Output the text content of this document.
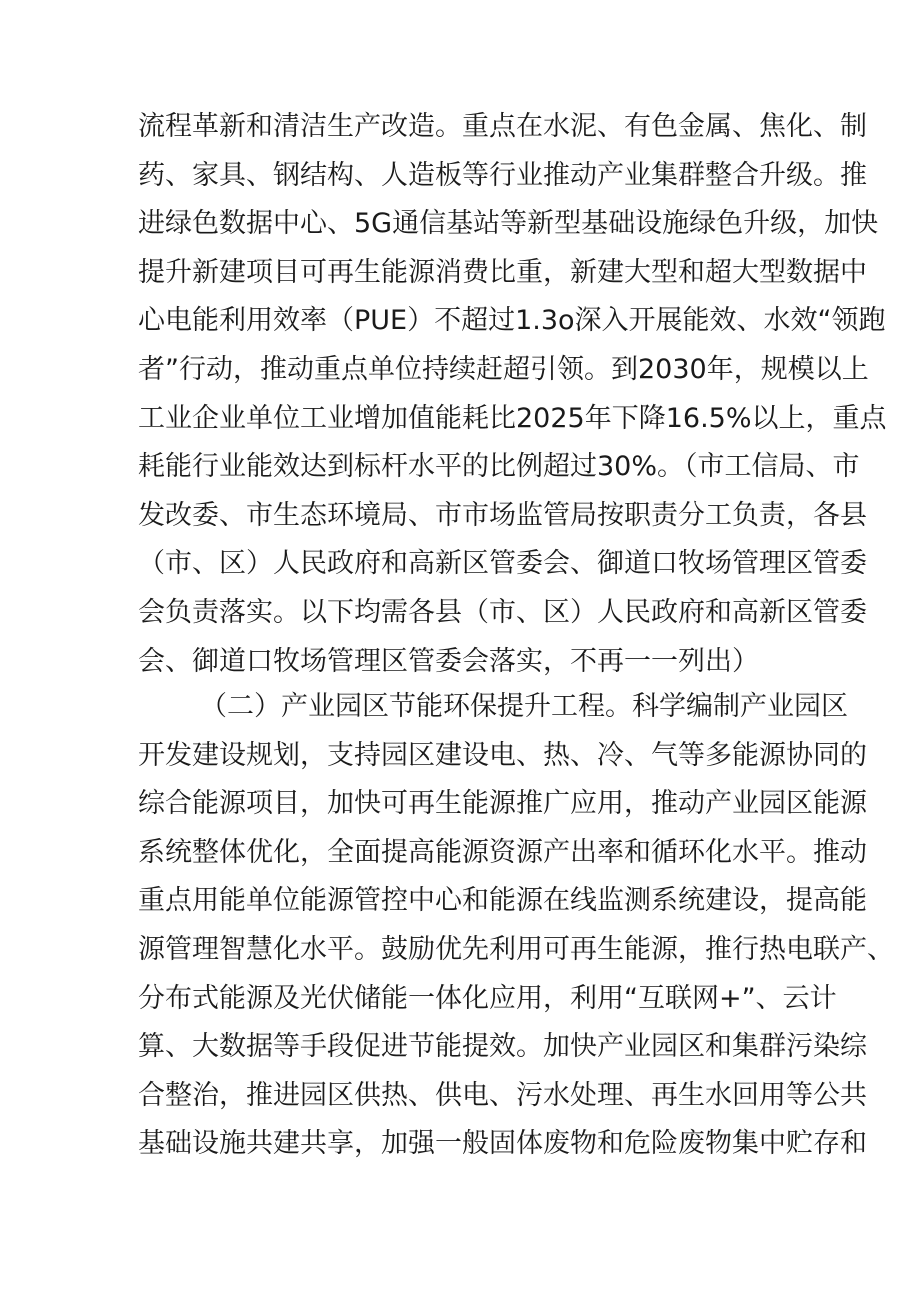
流程革新和清洁生产改造。重点在水泥、有色金属、焦化、制
药、家具、钢结构、人造板等行业推动产业集群整合升级。推
进绿色数据中心、5G通信基站等新型基础设施绿色升级，加快
提升新建项目可再生能源消费比重，新建大型和超大型数据中
心电能利用效率（PUE）不超过1.3o深入开展能效、水效“领跑
者”行动，推动重点单位持续赶超引领。到2030年，规模以上
工业企业单位工业增加值能耗比2025年下降16.5%以上，重点
耗能行业能效达到标杆水平的比例超过30%。（市工信局、市
发改委、市生态环境局、市市场监管局按职责分工负责，各县
（市、区）人民政府和高新区管委会、御道口牧场管理区管委
会负责落实。以下均需各县（市、区）人民政府和高新区管委
会、御道口牧场管理区管委会落实，不再一一列出）
（二）产业园区节能环保提升工程。科学编制产业园区
开发建设规划，支持园区建设电、热、冷、气等多能源协同的
综合能源项目，加快可再生能源推广应用，推动产业园区能源
系统整体优化，全面提高能源资源产出率和循环化水平。推动
重点用能单位能源管控中心和能源在线监测系统建设，提高能
源管理智慧化水平。鼓励优先利用可再生能源，推行热电联产、
分布式能源及光伏储能一体化应用，利用“互联网+”、云计
算、大数据等手段促进节能提效。加快产业园区和集群污染综
合整治，推进园区供热、供电、污水处理、再生水回用等公共
基础设施共建共享，加强一般固体废物和危险废物集中贮存和
